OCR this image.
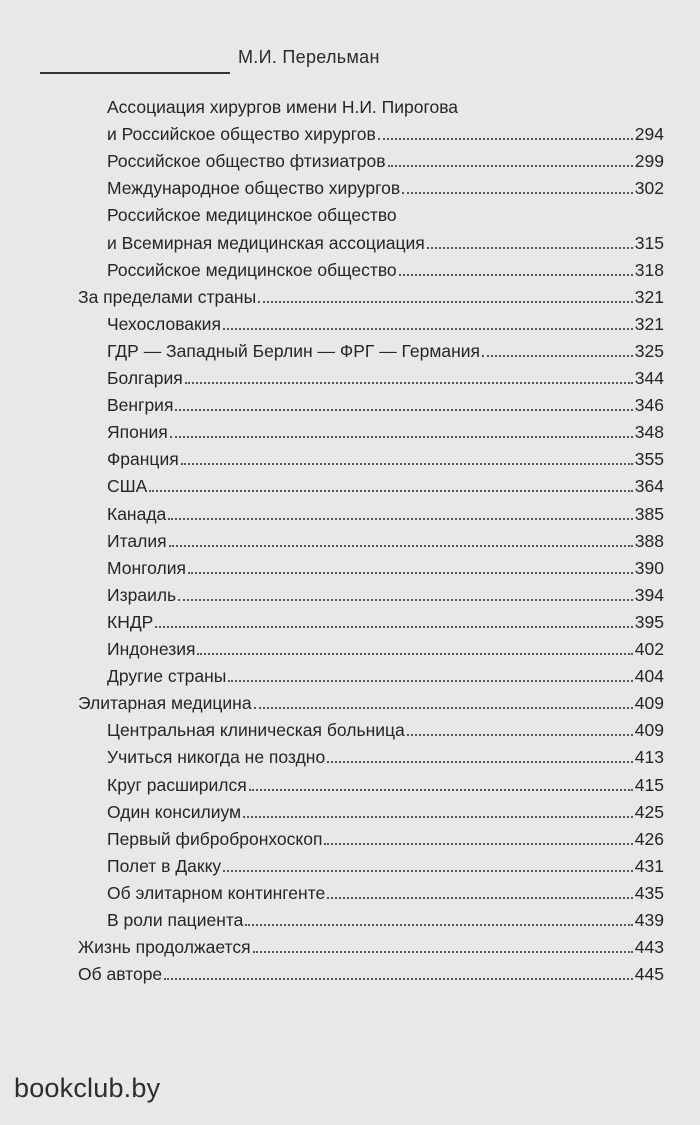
М.И. Перельман
Ассоциация хирургов имени Н.И. Пирогова
и Российское общество хирургов	294
Российское общество фтизиатров	299
Международное общество хирургов	302
Российское медицинское общество
и Всемирная медицинская ассоциация	315
Российское медицинское общество	318
За пределами страны	321
Чехословакия	321
ГДР — Западный Берлин — ФРГ — Германия	325
Болгария	344
Венгрия	346
Япония	348
Франция	355
США	364
Канада	385
Италия	388
Монголия	390
Израиль	394
КНДР	395
Индонезия	402
Другие страны	404
Элитарная медицина	409
Центральная клиническая больница	409
Учиться никогда не поздно	413
Круг расширился	415
Один консилиум	425
Первый фибробронхоскоп	426
Полет в Дакку	431
Об элитарном контингенте	435
В роли пациента	439
Жизнь продолжается	443
Об авторе	445
bookclub.by
